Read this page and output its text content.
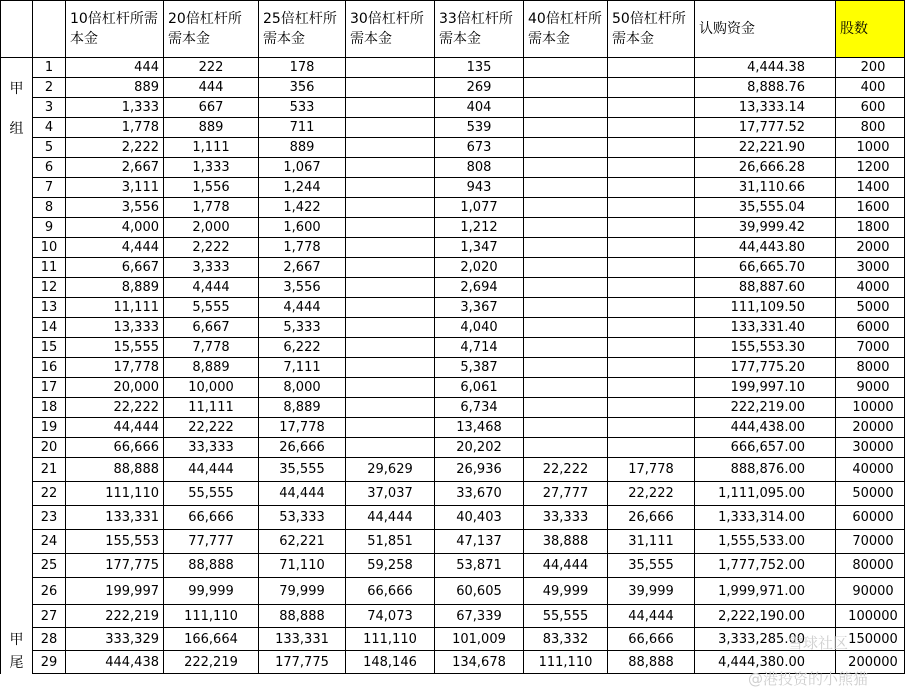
		10倍杠杆所需本金	20倍杠杆所需本金	25倍杠杆所需本金	30倍杠杆所需本金	33倍杠杆所需本金	40倍杠杆所需本金	50倍杠杆所需本金	认购资金	股数
	1	444	222	178		135			4,444.38	200
甲	2	889	444	356		269			8,888.76	400
	3	1,333	667	533		404			13,333.14	600
组	4	1,778	889	711		539			17,777.52	800
	5	2,222	1,111	889		673			22,221.90	1000
	6	2,667	1,333	1,067		808			26,666.28	1200
	7	3,111	1,556	1,244		943			31,110.66	1400
	8	3,556	1,778	1,422		1,077			35,555.04	1600
	9	4,000	2,000	1,600		1,212			39,999.42	1800
	10	4,444	2,222	1,778		1,347			44,443.80	2000
	11	6,667	3,333	2,667		2,020			66,665.70	3000
	12	8,889	4,444	3,556		2,694			88,887.60	4000
	13	11,111	5,555	4,444		3,367			111,109.50	5000
	14	13,333	6,667	5,333		4,040			133,331.40	6000
	15	15,555	7,778	6,222		4,714			155,553.30	7000
	16	17,778	8,889	7,111		5,387			177,775.20	8000
	17	20,000	10,000	8,000		6,061			199,997.10	9000
	18	22,222	11,111	8,889		6,734			222,219.00	10000
	19	44,444	22,222	17,778		13,468			444,438.00	20000
	20	66,666	33,333	26,666		20,202			666,657.00	30000
	21	88,888	44,444	35,555	29,629	26,936	22,222	17,778	888,876.00	40000
	22	111,110	55,555	44,444	37,037	33,670	27,777	22,222	1,111,095.00	50000
	23	133,331	66,666	53,333	44,444	40,403	33,333	26,666	1,333,314.00	60000
	24	155,553	77,777	62,221	51,851	47,137	38,888	31,111	1,555,533.00	70000
	25	177,775	88,888	71,110	59,258	53,871	44,444	35,555	1,777,752.00	80000
	26	199,997	99,999	79,999	66,666	60,605	49,999	39,999	1,999,971.00	90000
	27	222,219	111,110	88,888	74,073	67,339	55,555	44,444	2,222,190.00	100000
甲	28	333,329	166,664	133,331	111,110	101,009	83,332	66,666	3,333,285.00	150000
尾	29	444,438	222,219	177,775	148,146	134,678	111,110	88,888	4,444,380.00	200000
雪球社区
@港投资的小熊猫
